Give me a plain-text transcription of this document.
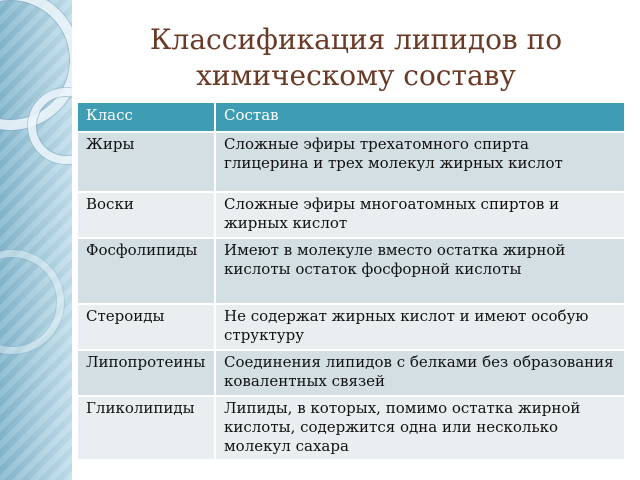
Классификация липидов по химическому составу
Класс	Состав
Жиры	Сложные эфиры трехатомного спирта глицерина и трех молекул жирных кислот
Воски	Сложные эфиры многоатомных спиртов и жирных кислот
Фосфолипиды	Имеют в молекуле вместо остатка жирной кислоты остаток фосфорной кислоты
Стероиды	Не содержат жирных кислот и имеют особую структуру
Липопротеины	Соединения липидов с белками без образования ковалентных связей
Гликолипиды	Липиды, в которых, помимо остатка жирной кислоты, содержится одна или несколько молекул сахара
